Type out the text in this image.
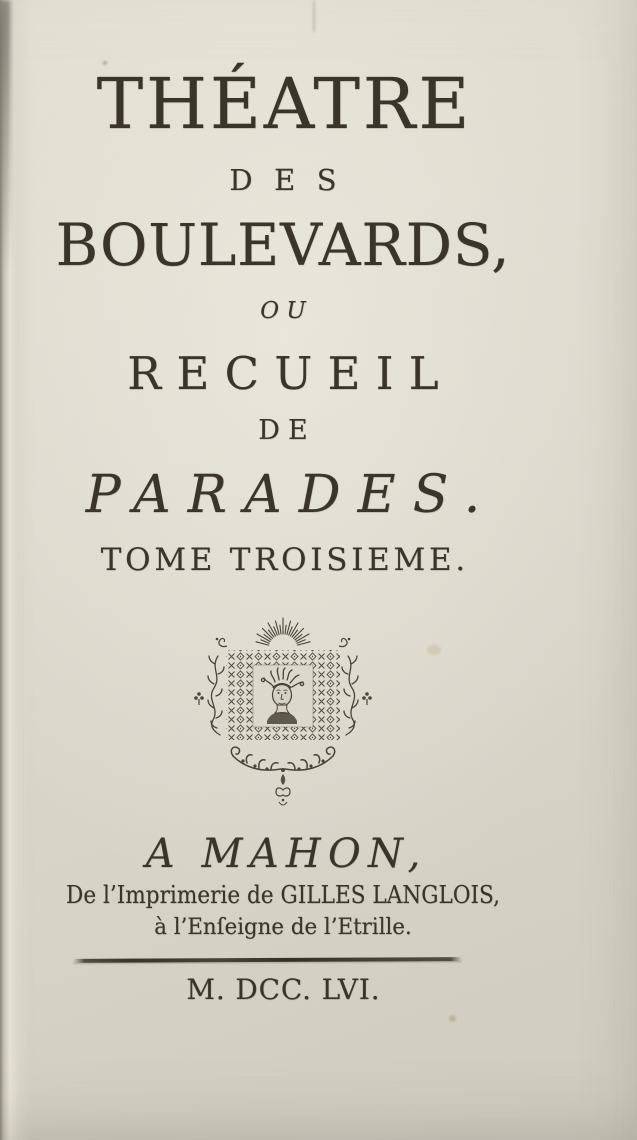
THÉATRE
DES
BOULEVARDS,
OU
RECUEIL
DE
PARADES.
TOME TROISIEME.
A MAHON,
De l’Imprimerie de GILLES LANGLOIS,
à l’Enſeigne de l’Etrille.
M. DCC. LVI.
